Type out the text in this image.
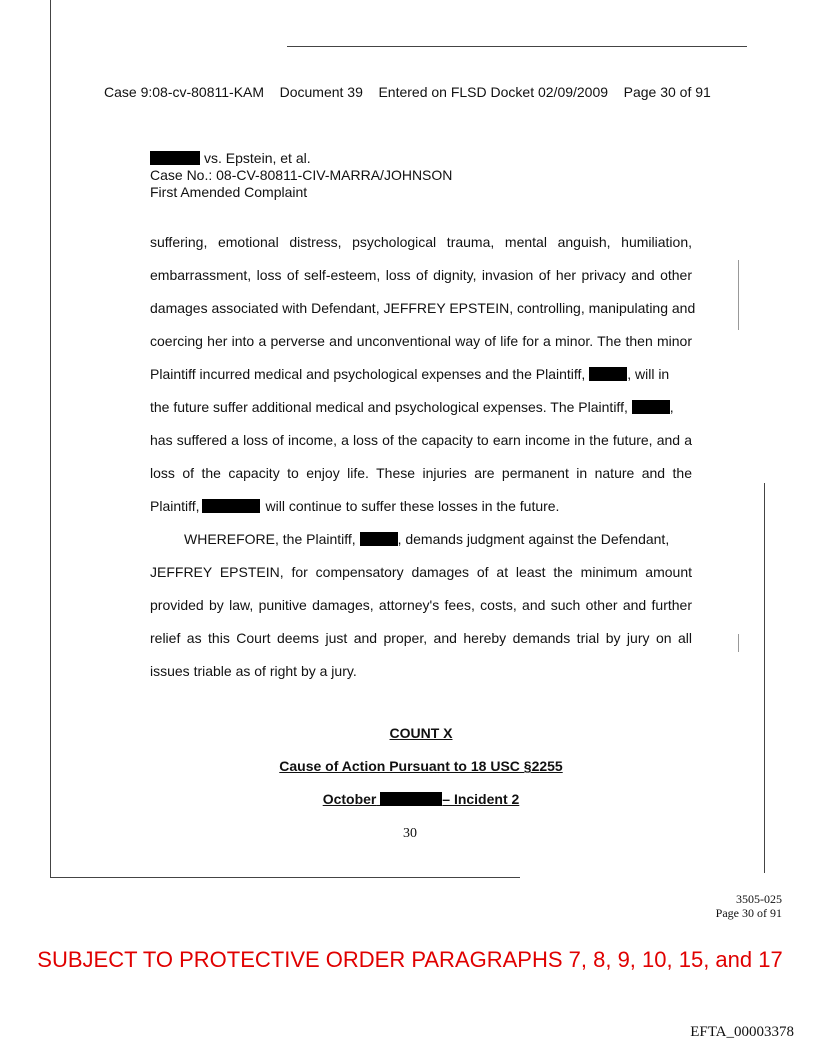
Case 9:08-cv-80811-KAM Document 39 Entered on FLSD Docket 02/09/2009 Page 30 of 91
vs. Epstein, et al.
Case No.: 08-CV-80811-CIV-MARRA/JOHNSON
First Amended Complaint
suffering, emotional distress, psychological trauma, mental anguish, humiliation,
embarrassment, loss of self-esteem, loss of dignity, invasion of her privacy and other
damages associated with Defendant, JEFFREY EPSTEIN, controlling, manipulating and
coercing her into a perverse and unconventional way of life for a minor. The then minor
Plaintiff incurred medical and psychological expenses and the Plaintiff,	, will in
the future suffer additional medical and psychological expenses. The Plaintiff,	,
has suffered a loss of income, a loss of the capacity to earn income in the future, and a
loss of the capacity to enjoy life. These injuries are permanent in nature and the
Plaintiff,	will continue to suffer these losses in the future.
WHEREFORE, the Plaintiff,	, demands judgment against the Defendant,
JEFFREY EPSTEIN, for compensatory damages of at least the minimum amount
provided by law, punitive damages, attorney's fees, costs, and such other and further
relief as this Court deems just and proper, and hereby demands trial by jury on all
issues triable as of right by a jury.
COUNT X
Cause of Action Pursuant to 18 USC §2255
October	– Incident 2
30
3505-025
Page 30 of 91
SUBJECT TO PROTECTIVE ORDER PARAGRAPHS 7, 8, 9, 10, 15, and 17
EFTA_00003378
